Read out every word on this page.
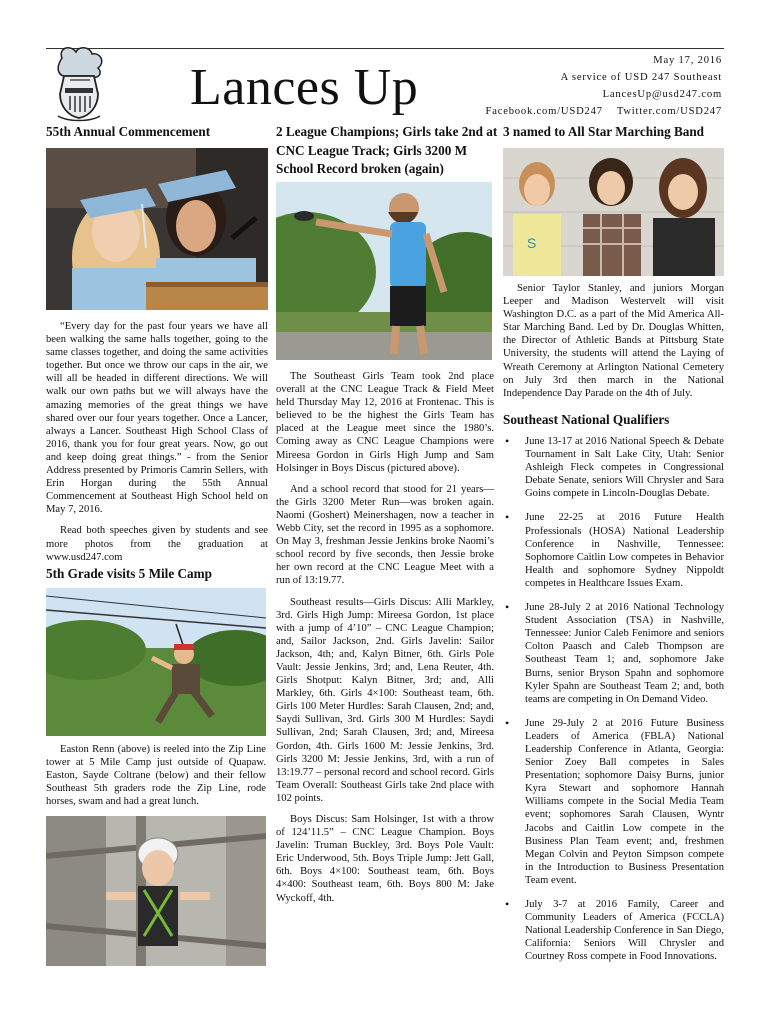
Lances Up	May 17, 2016
A service of USD 247 Southeast
LancesUp@usd247.com
Facebook.com/USD247 Twitter.com/USD247
55th Annual Commencement

“Every day for the past four years we have all been walking the same halls together, going to the same classes together, and doing the same activities together. But once we throw our caps in the air, we will all be headed in different directions. We will walk our own paths but we will always have the amazing memories of the great things we have shared over our four years together. Once a Lancer, always a Lancer. Southeast High School Class of 2016, thank you for four great years. Now, go out and keep doing great things.” - from the Senior Address presented by Primoris Camrin Sellers, with Erin Horgan during the 55th Annual Commencement at Southeast High School held on May 7, 2016.

Read both speeches given by students and see more photos from the graduation at www.usd247.com

5th Grade visits 5 Mile Camp
Easton Renn (above) is reeled into the Zip Line tower at 5 Mile Camp just outside of Quapaw. Easton, Sayde Coltrane (below) and their fellow Southeast 5th graders rode the Zip Line, rode horses, swam and had a great lunch.
2 League Champions; Girls take 2nd at CNC League Track; Girls 3200 M School Record broken (again)

The Southeast Girls Team took 2nd place overall at the CNC League Track & Field Meet held Thursday May 12, 2016 at Frontenac. This is believed to be the highest the Girls Team has placed at the League meet since the 1980’s. Coming away as CNC League Champions were Mireesa Gordon in Girls High Jump and Sam Holsinger in Boys Discus (pictured above).

And a school record that stood for 21 years—the Girls 3200 Meter Run—was broken again. Naomi (Goshert) Meinershagen, now a teacher in Webb City, set the record in 1995 as a sophomore. On May 3, freshman Jessie Jenkins broke Naomi’s school record by five seconds, then Jessie broke her own record at the CNC League Meet with a run of 13:19.77.

Southeast results—Girls Discus: Alli Markley, 3rd. Girls High Jump: Mireesa Gordon, 1st place with a jump of 4’10” – CNC League Champion; and, Sailor Jackson, 2nd. Girls Javelin: Sailor Jackson, 4th; and, Kalyn Bitner, 6th. Girls Pole Vault: Jessie Jenkins, 3rd; and, Lena Reuter, 4th. Girls Shotput: Kalyn Bitner, 3rd; and, Alli Markley, 6th. Girls 4×100: Southeast team, 6th. Girls 100 Meter Hurdles: Sarah Clausen, 2nd; and, Saydi Sullivan, 3rd. Girls 300 M Hurdles: Saydi Sullivan, 2nd; Sarah Clausen, 3rd; and, Mireesa Gordon, 4th. Girls 1600 M: Jessie Jenkins, 3rd. Girls 3200 M: Jessie Jenkins, 3rd, with a run of 13:19.77 – personal record and school record. Girls Team Overall: Southeast Girls take 2nd place with 102 points.

Boys Discus: Sam Holsinger, 1st with a throw of 124’11.5” – CNC League Champion. Boys Javelin: Truman Buckley, 3rd. Boys Pole Vault: Eric Underwood, 5th. Boys Triple Jump: Jett Gall, 6th. Boys 4×100: Southeast team, 6th. Boys 4×400: Southeast team, 6th. Boys 800 M: Jake Wyckoff, 4th.

3 named to All Star Marching Band
S

Senior Taylor Stanley, and juniors Morgan Leeper and Madison Westervelt will visit Washington D.C. as a part of the Mid America All-Star Marching Band. Led by Dr. Douglas Whitten, the Director of Athletic Bands at Pittsburg State University, the students will attend the Laying of Wreath Ceremony at Arlington National Cemetery on July 3rd then march in the National Independence Day Parade on the 4th of July.

Southeast National Qualifiers
• June 13-17 at 2016 National Speech & Debate Tournament in Salt Lake City, Utah: Senior Ashleigh Fleck competes in Congressional Debate Senate, seniors Will Chrysler and Sara Goins compete in Lincoln-Douglas Debate.
• June 22-25 at 2016 Future Health Professionals (HOSA) National Leadership Conference in Nashville, Tennessee: Sophomore Caitlin Low competes in Behavior Health and sophomore Sydney Nippoldt competes in Healthcare Issues Exam.
• June 28-July 2 at 2016 National Technology Student Association (TSA) in Nashville, Tennessee: Junior Caleb Fenimore and seniors Colton Paasch and Caleb Thompson are Southeast Team 1; and, sophomore Jake Burns, senior Bryson Spahn and sophomore Kyler Spahn are Southeast Team 2; and, both teams are competing in On Demand Video.
• June 29-July 2 at 2016 Future Business Leaders of America (FBLA) National Leadership Conference in Atlanta, Georgia: Senior Zoey Ball competes in Sales Presentation; sophomore Daisy Burns, junior Kyra Stewart and sophomore Hannah Williams compete in the Social Media Team event; sophomores Sarah Clausen, Wyntr Jacobs and Caitlin Low compete in the Business Plan Team event; and, freshmen Megan Colvin and Peyton Simpson compete in the Introduction to Business Presentation Team event.
• July 3-7 at 2016 Family, Career and Community Leaders of America (FCCLA) National Leadership Conference in San Diego, California: Seniors Will Chrysler and Courtney Ross compete in Food Innovations.
